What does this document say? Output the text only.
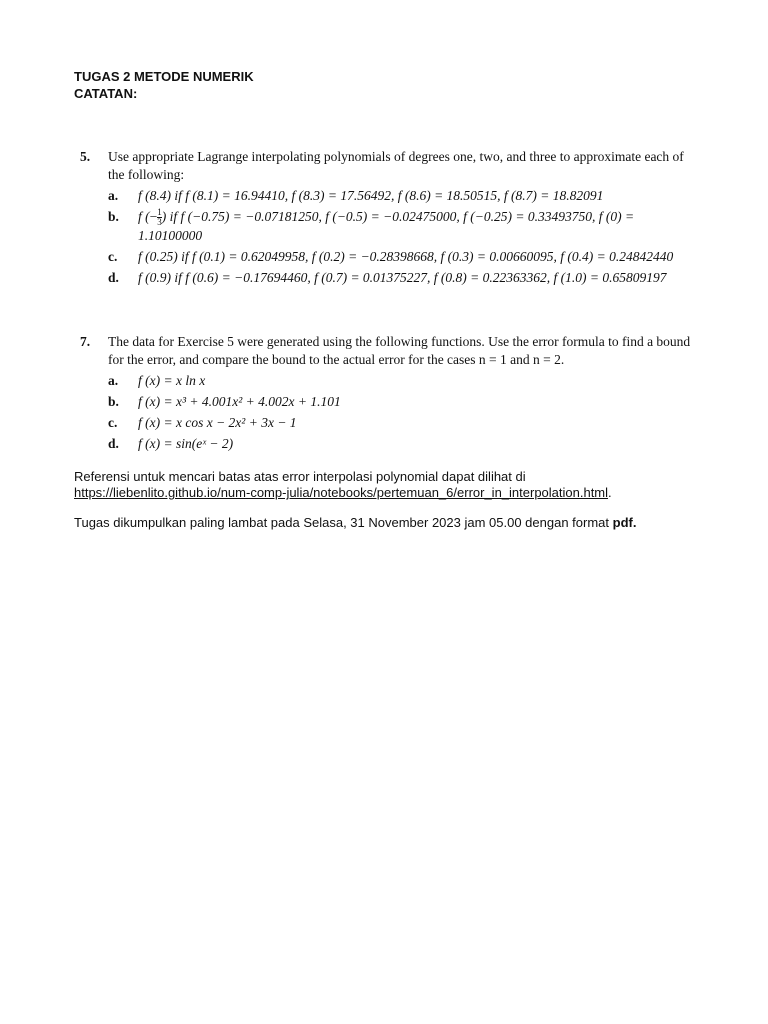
TUGAS 2 METODE NUMERIK
CATATAN:
5. Use appropriate Lagrange interpolating polynomials of degrees one, two, and three to approximate each of the following:
a. f (8.4) if f (8.1) = 16.94410, f (8.3) = 17.56492, f (8.6) = 18.50515, f (8.7) = 18.82091
b. f (− $\frac{1}{3}$ ) if f (−0.75) = −0.07181250, f (−0.5) = −0.02475000, f (−0.25) = 0.33493750, f (0) = 1.10100000
c. f (0.25) if f (0.1) = 0.62049958, f (0.2) = −0.28398668, f (0.3) = 0.00660095, f (0.4) = 0.24842440
d. f (0.9) if f (0.6) = −0.17694460, f (0.7) = 0.01375227, f (0.8) = 0.22363362, f (1.0) = 0.65809197
7. The data for Exercise 5 were generated using the following functions. Use the error formula to find a bound for the error, and compare the bound to the actual error for the cases n = 1 and n = 2.
a. f (x) = x ln x
b. f (x) = x³ + 4.001x² + 4.002x + 1.101
c. f (x) = x cos x − 2x² + 3x − 1
d. f (x) = sin(eˣ − 2)
Referensi untuk mencari batas atas error interpolasi polynomial dapat dilihat di https://liebenlito.github.io/num-comp-julia/notebooks/pertemuan_6/error_in_interpolation.html.
Tugas dikumpulkan paling lambat pada Selasa, 31 November 2023 jam 05.00 dengan format pdf.
